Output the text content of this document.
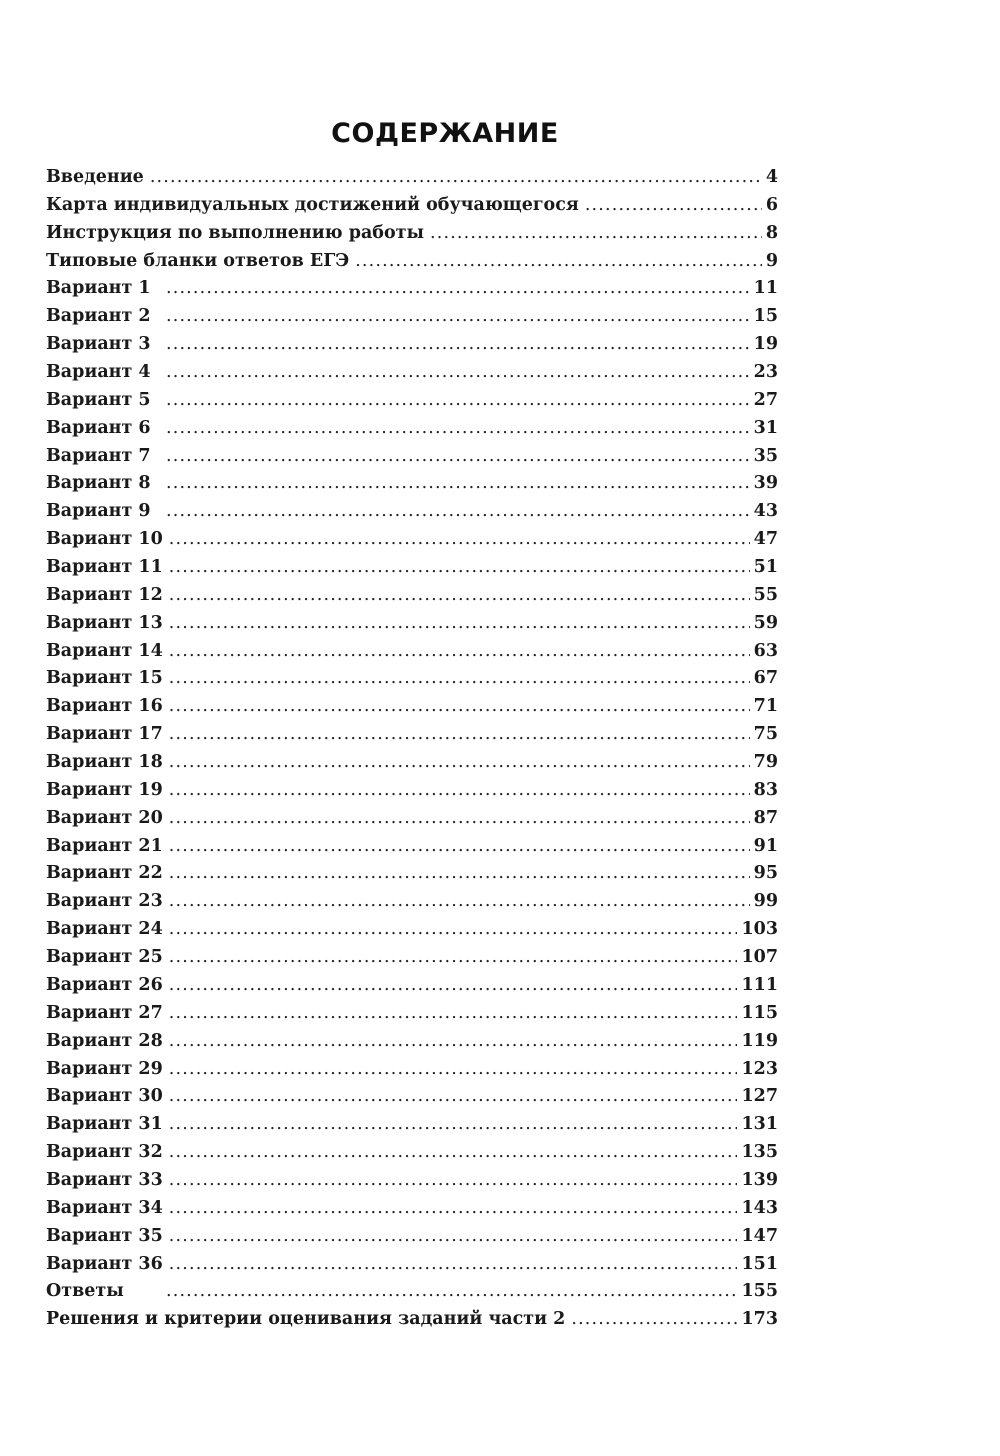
СОДЕРЖАНИЕ
Введение . . .	4
Карта индивидуальных достижений обучающегося . . .	6
Инструкция по выполнению работы . . .	8
Типовые бланки ответов ЕГЭ . . .	9
Вариант 1 . . .	11
Вариант 2 . . .	15
Вариант 3 . . .	19
Вариант 4 . . .	23
Вариант 5 . . .	27
Вариант 6 . . .	31
Вариант 7 . . .	35
Вариант 8 . . .	39
Вариант 9 . . .	43
Вариант 10 . . .	47
Вариант 11 . . .	51
Вариант 12 . . .	55
Вариант 13 . . .	59
Вариант 14 . . .	63
Вариант 15 . . .	67
Вариант 16 . . .	71
Вариант 17 . . .	75
Вариант 18 . . .	79
Вариант 19 . . .	83
Вариант 20 . . .	87
Вариант 21 . . .	91
Вариант 22 . . .	95
Вариант 23 . . .	99
Вариант 24 . . .	103
Вариант 25 . . .	107
Вариант 26 . . .	111
Вариант 27 . . .	115
Вариант 28 . . .	119
Вариант 29 . . .	123
Вариант 30 . . .	127
Вариант 31 . . .	131
Вариант 32 . . .	135
Вариант 33 . . .	139
Вариант 34 . . .	143
Вариант 35 . . .	147
Вариант 36 . . .	151
Ответы . . .	155
Решения и критерии оценивания заданий части 2 . . .	173
